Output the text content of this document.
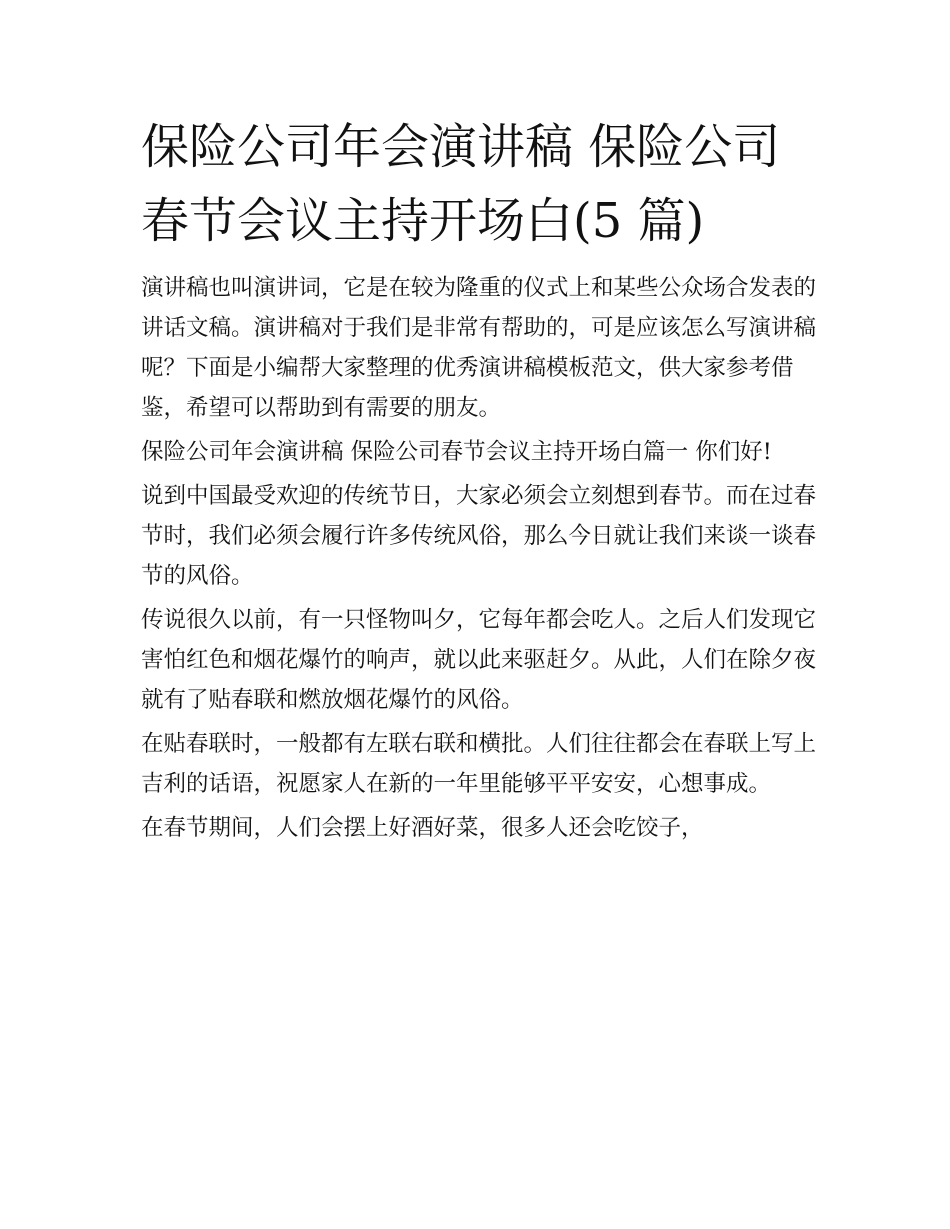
保险公司年会演讲稿 保险公司
春节会议主持开场白(5 篇)

演讲稿也叫演讲词，它是在较为隆重的仪式上和某些公众场合发表的讲话文稿。演讲稿对于我们是非常有帮助的，可是应该怎么写演讲稿呢？下面是小编帮大家整理的优秀演讲稿模板范文，供大家参考借鉴，希望可以帮助到有需要的朋友。

保险公司年会演讲稿 保险公司春节会议主持开场白篇一 你们好!

说到中国最受欢迎的传统节日，大家必须会立刻想到春节。而在过春节时，我们必须会履行许多传统风俗，那么今日就让我们来谈一谈春节的风俗。

传说很久以前，有一只怪物叫夕，它每年都会吃人。之后人们发现它害怕红色和烟花爆竹的响声，就以此来驱赶夕。从此，人们在除夕夜就有了贴春联和燃放烟花爆竹的风俗。

在贴春联时，一般都有左联右联和横批。人们往往都会在春联上写上吉利的话语，祝愿家人在新的一年里能够平平安安，心想事成。

在春节期间，人们会摆上好酒好菜，很多人还会吃饺子，
